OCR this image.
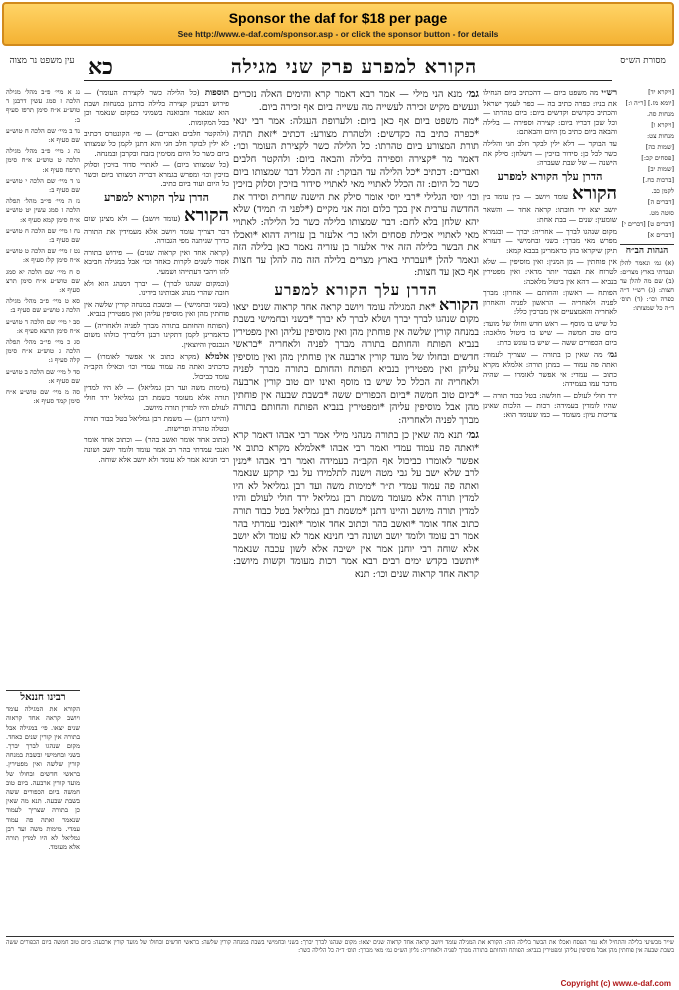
Sponsor the daf for $18 per page
See http://www.e-daf.com/sponsor.asp - or click the sponsor button - for details
עין משפט נר מצוה כא	הקורא למפרע פרק שני מגילה	מסורת הש״ס

נג א מיי׳ פ״ב מהל׳ מגילה הלכה ז סמג עשין דרבנן ד טוש״ע א״ח סימן תרפז סעיף ב:

נד ב מיי׳ שם הלכה ח טוש״ע שם סעיף א:

נה ג מיי׳ פ״ב מהל׳ מגילה הלכה ט טוש״ע א״ח סימן תרפח סעיף א:

נו ד מיי׳ שם הלכה י טוש״ע שם סעיף ב:

נז ה מיי׳ פי״ב מהל׳ תפלה הלכה ז סמג עשין יט טוש״ע א״ח סימן קמא סעיף א:

נח ו מיי׳ שם הלכה ח טוש״ע שם סעיף ב:

נט ז מיי׳ שם הלכה ט טוש״ע א״ח סימן קלז סעיף א:

ס ח מיי׳ שם הלכה יא סמג שם טוש״ע א״ח סימן תרצ סעיף א:

סא ט מיי׳ פ״ב מהל׳ מגילה הלכה ג טוש״ע שם סעיף ב:

סב י מיי׳ שם הלכה ד טוש״ע א״ח סימן תרצא סעיף א:

סג כ מיי׳ פי״ב מהל׳ תפלה הלכה ג טוש״ע א״ח סימן קלה סעיף ג:

סד ל מיי׳ שם הלכה ב טוש״ע שם סעיף א:

סה מ מיי׳ שם טוש״ע א״ח סימן קמד סעיף א:

תוספות (כל הלילה כשר לקצירת העומר) — פירוש דבעינן קצירה בלילה כדתנן במנחות ושבת הוא שנאמר ותבואנה בשמיני כמקום שנאמר וכן בכל המקומות.

(ולהקטר חלבים ואברים) — פי׳ הקונטרס דכתיב לא ילין לבוקר חלב חגי והא דתנן לקמן כל שמצותו ביום כשר כל היום מסימין בזבח ובקרבן ובמנחה.

(כל שמצותו ביום) — לאתויי סדור בזיכין וסלוק בזיכין וכו׳ ומפרש בגמרא דבריה דמצותו ביום וכשר כל היום ועוד ביום כתיב.

הדרן עלך הקורא למפרע

הקורא (עומד ויושב) — ולא מצינן שום דבר דצריך עומד ויושב אלא מעמידין את התורה כדרך שניתנה מפי הגבורה.

(קראה אחד ואין קראוה שנים) — פירוש בתורה אסור לשנים לקרות כאחד וכו׳ אבל במגילה חביבא להו ויהבי דעתייהו ושמעי.

(ובמקום שנהגו לברך) — יברך דמנהג הוא ולא חובה שהרי מנהג אבותינו בידינו.

(בשני ובחמישי) — ובשבת במנחה קורין שלשה אין פוחתין מהן ואין מוסיפין עליהן ואין מפטירין בנביא.

(הפותח והחותם בתורה מברך לפניה ולאחריה) — כדאמרינן לקמן דתקינו רבנן דליבריך כולהו משום הנכנסין והיוצאין.

אלמלא (מקרא כתוב אי אפשר לאומרו) — כדכתיב ואתה פה עמוד עמדי וכו׳ וכאילו הקב״ה עומד כביכול.

(מימות משה ועד רבן גמליאל) — לא היו למדין תורה אלא מעומד כשמת רבן גמליאל ירד חולי לעולם והיו למדין תורה מיושב.

(והיינו דתנן) — משמת רבן גמליאל בטל כבוד תורה ובטלה טהרה ופרישות.

(כתוב אחד אומר ואשב בהר) — וכתוב אחד אומר ואנכי עמדתי בהר רב אמר עומד ולומד יושב ושונה רבי חנינא אמר לא עומד ולא יושב אלא שוחה.

גמ׳ מנא הני מילי — אמר רבא דאמר קרא והימים האלה נזכרים ונעשים מקיש זכירה לעשייה מה עשייה ביום אף זכירה ביום.

*מה משפט ביום אף כאן ביום: ולערופת העגלה: אמר רבי ינאי *כפרה כתיב בה כקדשים: ולטהרת מצורע: דכתיב *זאת תהיה תורת המצורע ביום טהרתו: כל הלילה כשר לקצירת העומר וכו׳: דאמר מר *קצירה וספירה בלילה והבאה ביום: ולהקטר חלבים ואברים: דכתיב *כל הלילה עד הבוקר: זה הכלל דבר שמצותו ביום כשר כל היום: זה הכלל לאתויי מאי לאתויי סידור בזיכין וסלוק בזיכין וכו׳ יוסי הגלילי *רבי יוסי אומר סילק את הישנה שחרית וסידר את החדשה ערבית אין בכך כלום ומה אני מקיים (*לפני ה׳ תמיד) שלא יהא שלחן בלא לחם: דבר שמצותו בלילה כשר כל הלילה: לאתויי מאי לאתויי אכילת פסחים ולאו כר׳ אלעזר בן עזריה דהוא *ואכלו את הבשר בלילה הזה איר אלעזר בן עזריה נאמר כאן בלילה הזה ונאמר להלן *ועברתי בארץ מצרים בלילה הזה מה להלן עד חצות אף כאן עד חצות:

הדרן עלך הקורא למפרע

הקורא *את המגילה עומד ויושב קראה אחד קראוה שנים יצאו מקום שנהגו לברך יברך ושלא לברך לא יברך *בשני ובחמישי בשבת במנחה קורין שלשה אין פוחתין מהן ואין מוסיפין עליהן ואין מפטירין בנביא הפותח והחותם בתורה מברך לפניה ולאחריה *בראשי חדשים ובחולו של מועד קורין ארבעה אין פוחתין מהן ואין מוסיפין עליהן ואין מפטירין בנביא הפותח והחותם בתורה מברך לפניה ולאחריה זה הכלל כל שיש בו מוסף ואינו יום טוב קורין ארבעה *ביום טוב חמשה *ביום הכפורים ששה *בשבת שבעה אין פוחתין מהן אבל מוסיפין עליהן *ומפטירין בנביא הפותח והחותם בתורה מברך לפניה ולאחריה:

גמ׳ תנא מה שאין כן בתורה מנהני מילי אמר רבי אבהו דאמר קרא *ואתה פה עמוד עמדי ואמר רבי אבהו *אלמלא מקרא כתוב אי אפשר לאומרו כביכול אף הקב״ה בעמידה ואמר רבי אבהו *מנין לרב שלא ישב על גבי מטה וישנה לתלמידו על גבי קרקע שנאמר ואתה פה עמוד עמדי ת״ר *מימות משה ועד רבן גמליאל לא היו למדין תורה אלא מעומד משמת רבן גמליאל ירד חולי לעולם והיו למדין תורה מיושב והיינו דתנן *משמת רבן גמליאל בטל כבוד תורה כתוב אחד אומר *ואשב בהר וכתוב אחד אומר *ואנכי עמדתי בהר אמר רב עומד ולומד יושב ושונה רבי חנינא אמר לא עומד ולא יושב אלא שוחה רבי יוחנן אמר אין ישיבה אלא לשון עכבה שנאמר *ותשבו בקדש ימים רבים רבא אמר רכות מעומד וקשות מיושב: קראה אחד קראוה שנים וכו׳: תנא

רש״י מה משפט ביום — דהכתיב ביום הנחילו את בניו: כפרה כתיב בה — כפר לעמך ישראל והכתיב כקדשים וקדשים ביום: ביום טהרתו — וכל שכן דבריו ביום: קצירה וספירה — בלילה והבאה ביום כתיב מן היום והבאתם:

עד הבוקר — דלא ילין לבקר חלב חגי והלילה כשר לכל כן: סידור בזיכין — דשלחן: סילק את הישנה — של שבת שעברה:

הדרן עלך הקורא למפרע

הקורא עומד ויושב — בין עומד בין יושב יצא ידי חובתו: קראה אחד — והשאר שומעין: שנים — בבת אחת:

מקום שנהגו לברך — אחריה: יברך — ובגמרא מפרש מאי מברך: בשני ובחמישי — דעזרא תיקן שיקראו בהן כדאמרינן בבבא קמא:

אין פוחתין — מן המנין: ואין מוסיפין — שלא לטרוח את הצבור יותר מדאי: ואין מפטירין בנביא — דהא אין ביטול מלאכה:

הפותח — ראשון: והחותם — אחרון: מברך לפניה ולאחריה — הראשון לפניה והאחרון לאחריה והאמצעיים אין מברכין כלל:

כל שיש בו מוסף — ראש חדש וחולו של מועד: ביום טוב חמשה — שיש בו ביטול מלאכה: ביום הכפורים ששה — שיש בו עונש כרת:

גמ׳ מה שאין כן בתורה — שצריך לעמוד: ואתה פה עמוד — במתן תורה: אלמלא מקרא כתוב — עמדי: אי אפשר לאומרו — שהיה מדבר עמו בעמידה:

ירד חולי לעולם — חולשה: בטל כבוד תורה — שהיו לומדין בעמידה: רכות — הלכות שאינן צריכות עיון: מעומד — כמו שעומד הוא:

[ויקרא יד]

[יומא מז.] [ר״ה ו:]

מנחות סה.

[ויקרא ו]

מנחות צט:

[שמות כה]

[פסחים קכ:]

[שמות יב]

[ברכות כח.]

לקמן כב.

[דברים ה]

סוטה מט.

[דברים ט] [דברים י]

[דברים א]

הגהות הב״ח

(א) גמ׳ ונאמר להלן ועברתי בארץ מצרים: (ב) שם מה להלן עד חצות: (ג) רש״י ד״ה כפרה וכו׳: (ד) תוס׳ ד״ה כל שמצותו:

רבינו חננאל

הקורא את המגילה עומד ויושב קראה אחד קראוה שנים יצאו. פי׳ במגילה אבל בתורה אין קורין שנים כאחד. מקום שנהגו לברך יברך. בשני ובחמישי ובשבת במנחה קורין שלשה ואין מפטירין. בראשי חדשים ובחולו של מועד קורין ארבעה. ביום טוב חמשה ביום הכפורים ששה בשבת שבעה. תנא מה שאין כן בתורה שצריך לעמוד שנאמר ואתה פה עמוד עמדי. מימות משה ועד רבן גמליאל לא היו למדין תורה אלא מעומד.

שייר מבשיעי בלילה והתחיל ולא גמר הפסח ואכלו את הבשר בלילה הזה: הקורא את המגילה עומד ויושב קראה אחד קראוה שנים יצאו: מקום שנהגו לברך יברך: בשני ובחמישי בשבת במנחה קורין שלשה: בראשי חדשים ובחולו של מועד קורין ארבעה: ביום טוב חמשה ביום הכפורים ששה בשבת שבעה אין פוחתין מהן אבל מוסיפין עליהן ומפטירין בנביא: הפותח והחותם בתורה מברך לפניה ולאחריה: גליון הש״ס גמ׳ מאי מברך: תוס׳ ד״ה כל הלילה כשר:
Copyright (c) www.e-daf.com
